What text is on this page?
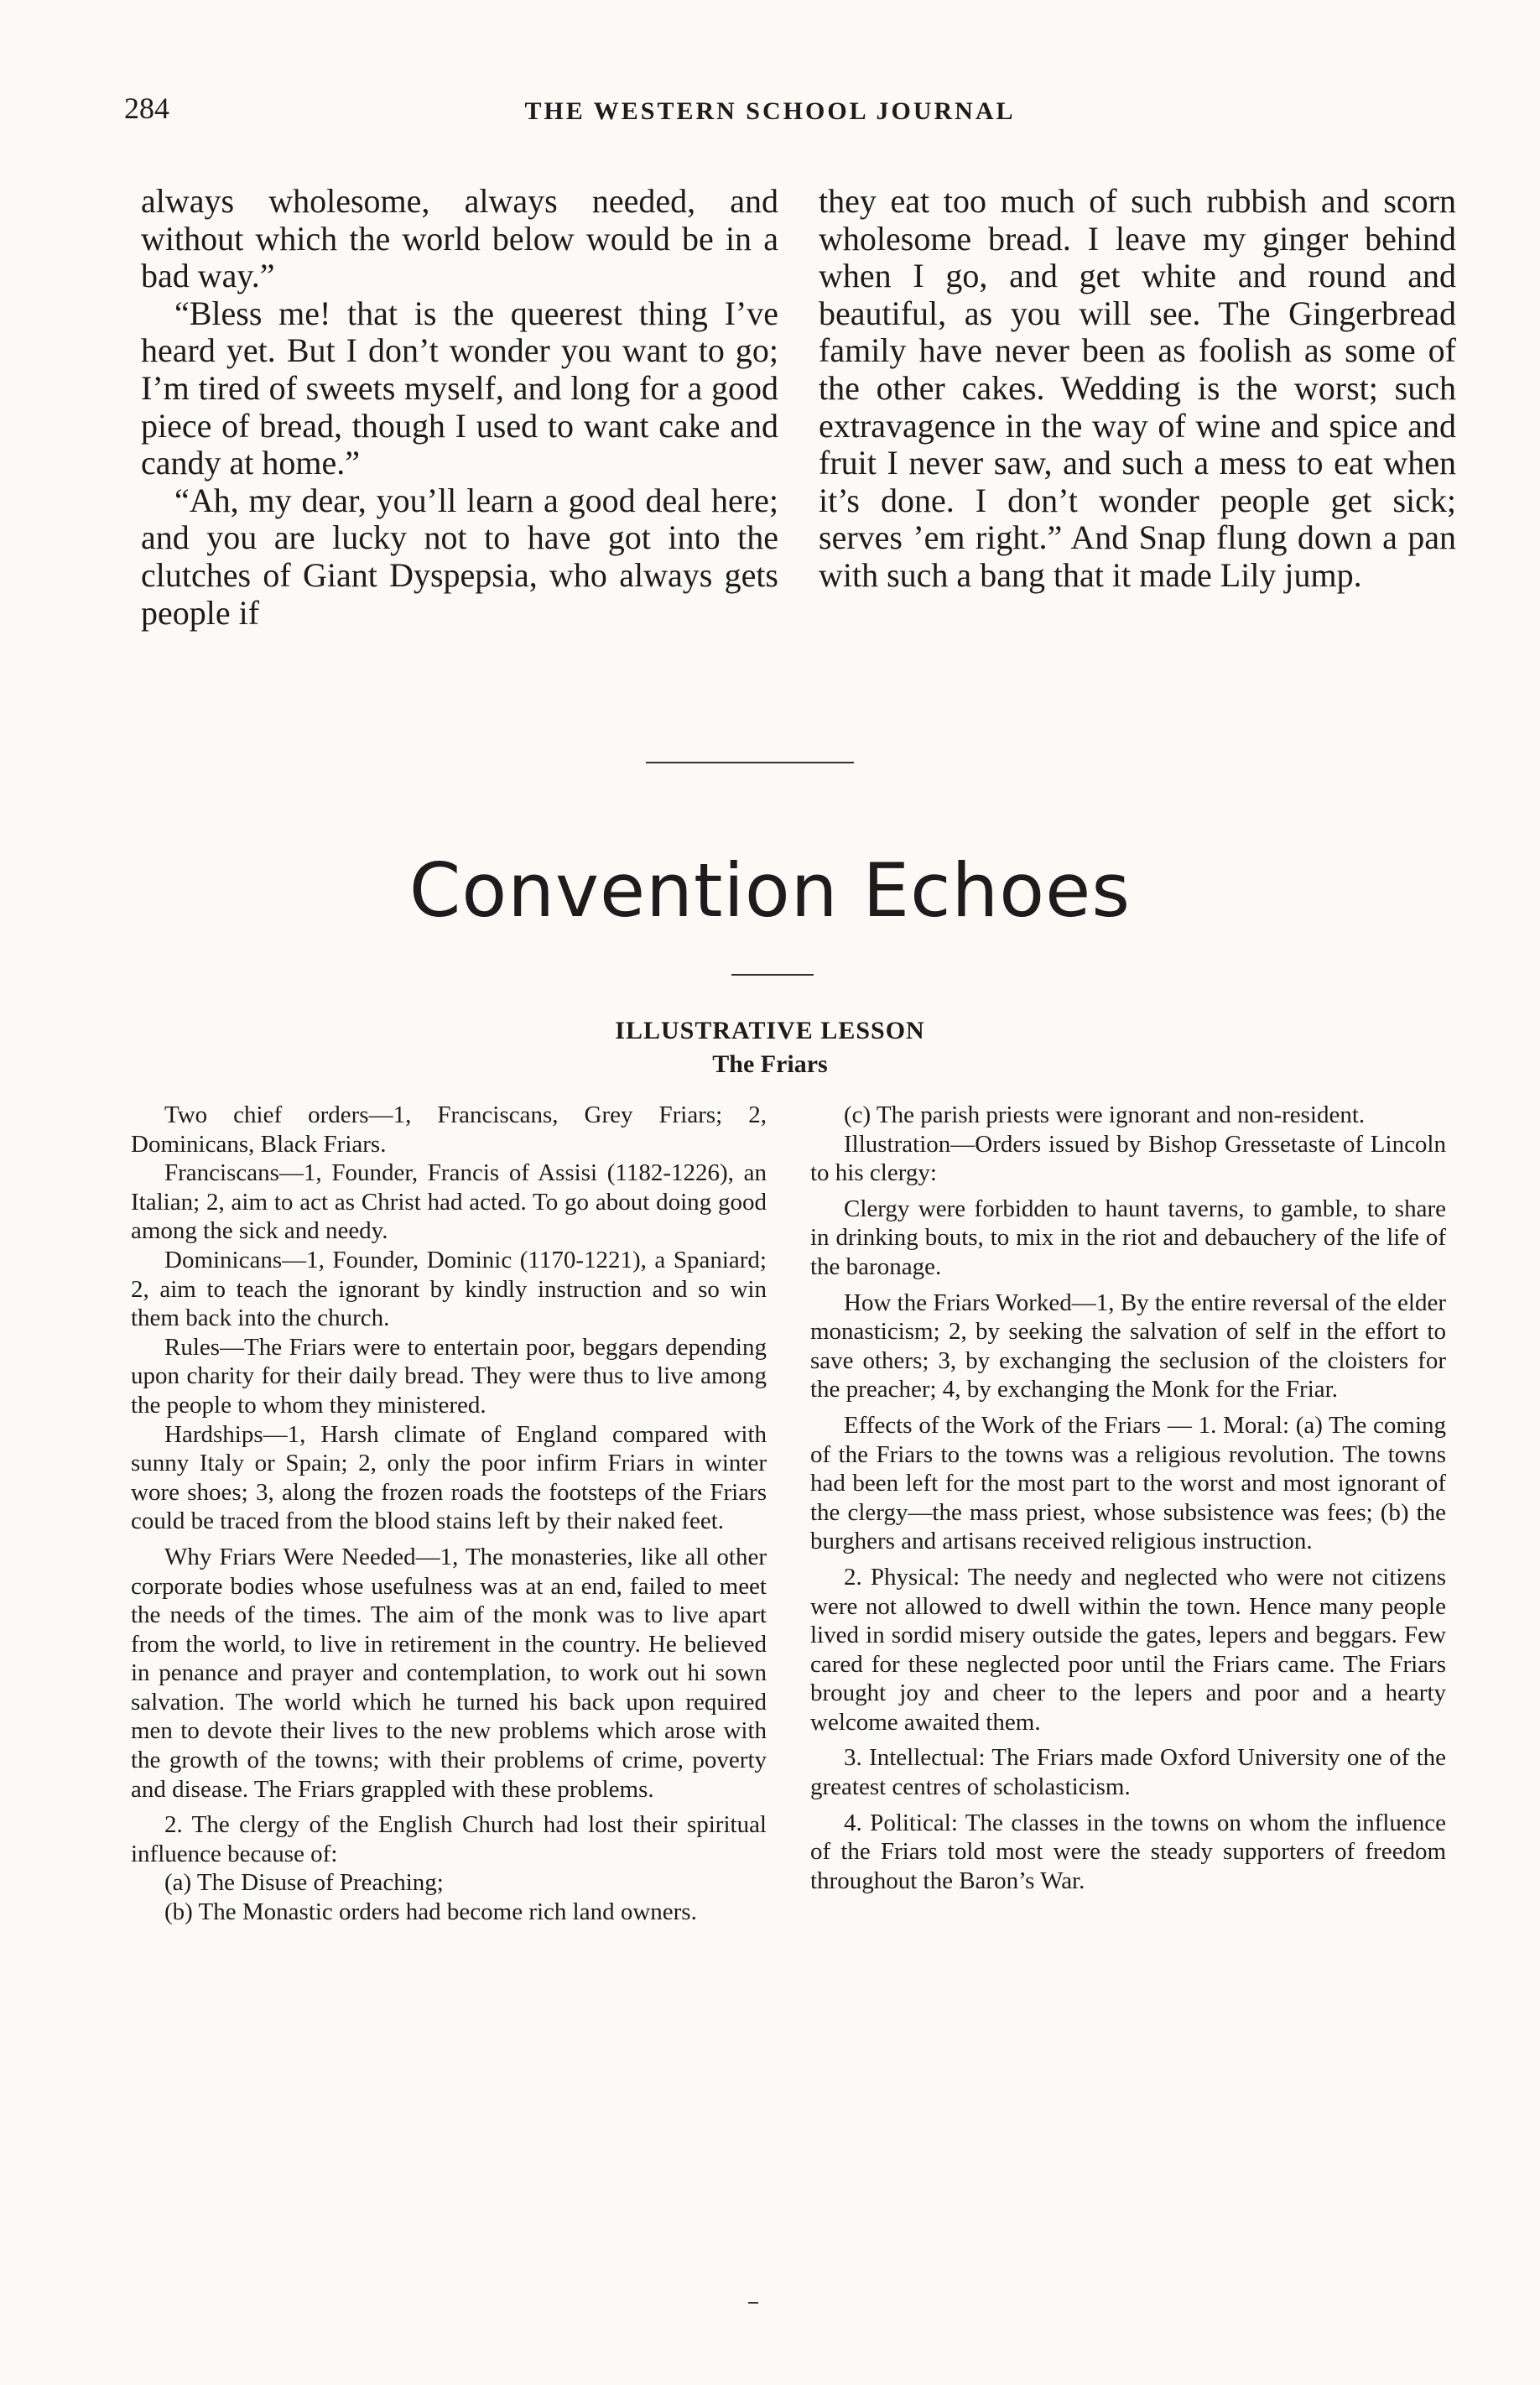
284	THE WESTERN SCHOOL JOURNAL

always wholesome, always needed, and without which the world below would be in a bad way.”

“Bless me! that is the queerest thing I’ve heard yet. But I don’t wonder you want to go; I’m tired of sweets myself, and long for a good piece of bread, though I used to want cake and candy at home.”

“Ah, my dear, you’ll learn a good deal here; and you are lucky not to have got into the clutches of Giant Dyspepsia, who always gets people if

they eat too much of such rubbish and scorn wholesome bread. I leave my ginger behind when I go, and get white and round and beautiful, as you will see. The Gingerbread family have never been as foolish as some of the other cakes. Wedding is the worst; such extravagence in the way of wine and spice and fruit I never saw, and such a mess to eat when it’s done. I don’t wonder people get sick; serves ’em right.” And Snap flung down a pan with such a bang that it made Lily jump.

Convention Echoes
ILLUSTRATIVE LESSON
The Friars

Two chief orders—1, Franciscans, Grey Friars; 2, Dominicans, Black Friars.

Franciscans—1, Founder, Francis of Assisi (1182-1226), an Italian; 2, aim to act as Christ had acted. To go about doing good among the sick and needy.

Dominicans—1, Founder, Dominic (1170-1221), a Spaniard; 2, aim to teach the ignorant by kindly instruction and so win them back into the church.

Rules—The Friars were to entertain poor, beggars depending upon charity for their daily bread. They were thus to live among the people to whom they ministered.

Hardships—1, Harsh climate of England compared with sunny Italy or Spain; 2, only the poor infirm Friars in winter wore shoes; 3, along the frozen roads the footsteps of the Friars could be traced from the blood stains left by their naked feet.

Why Friars Were Needed—1, The monasteries, like all other corporate bodies whose usefulness was at an end, failed to meet the needs of the times. The aim of the monk was to live apart from the world, to live in retirement in the country. He believed in penance and prayer and contemplation, to work out hi sown salvation. The world which he turned his back upon required men to devote their lives to the new problems which arose with the growth of the towns; with their problems of crime, poverty and disease. The Friars grappled with these problems.

2. The clergy of the English Church had lost their spiritual influence because of:

(a) The Disuse of Preaching;

(b) The Monastic orders had become rich land owners.

(c) The parish priests were ignorant and non-resident.

Illustration—Orders issued by Bishop Gressetaste of Lincoln to his clergy:

Clergy were forbidden to haunt taverns, to gamble, to share in drinking bouts, to mix in the riot and debauchery of the life of the baronage.

How the Friars Worked—1, By the entire reversal of the elder monasticism; 2, by seeking the salvation of self in the effort to save others; 3, by exchanging the seclusion of the cloisters for the preacher; 4, by exchanging the Monk for the Friar.

Effects of the Work of the Friars — 1. Moral: (a) The coming of the Friars to the towns was a religious revolution. The towns had been left for the most part to the worst and most ignorant of the clergy—the mass priest, whose subsistence was fees; (b) the burghers and artisans received religious instruction.

2. Physical: The needy and neglected who were not citizens were not allowed to dwell within the town. Hence many people lived in sordid misery outside the gates, lepers and beggars. Few cared for these neglected poor until the Friars came. The Friars brought joy and cheer to the lepers and poor and a hearty welcome awaited them.

3. Intellectual: The Friars made Oxford University one of the greatest centres of scholasticism.

4. Political: The classes in the towns on whom the influence of the Friars told most were the steady supporters of freedom throughout the Baron’s War.
